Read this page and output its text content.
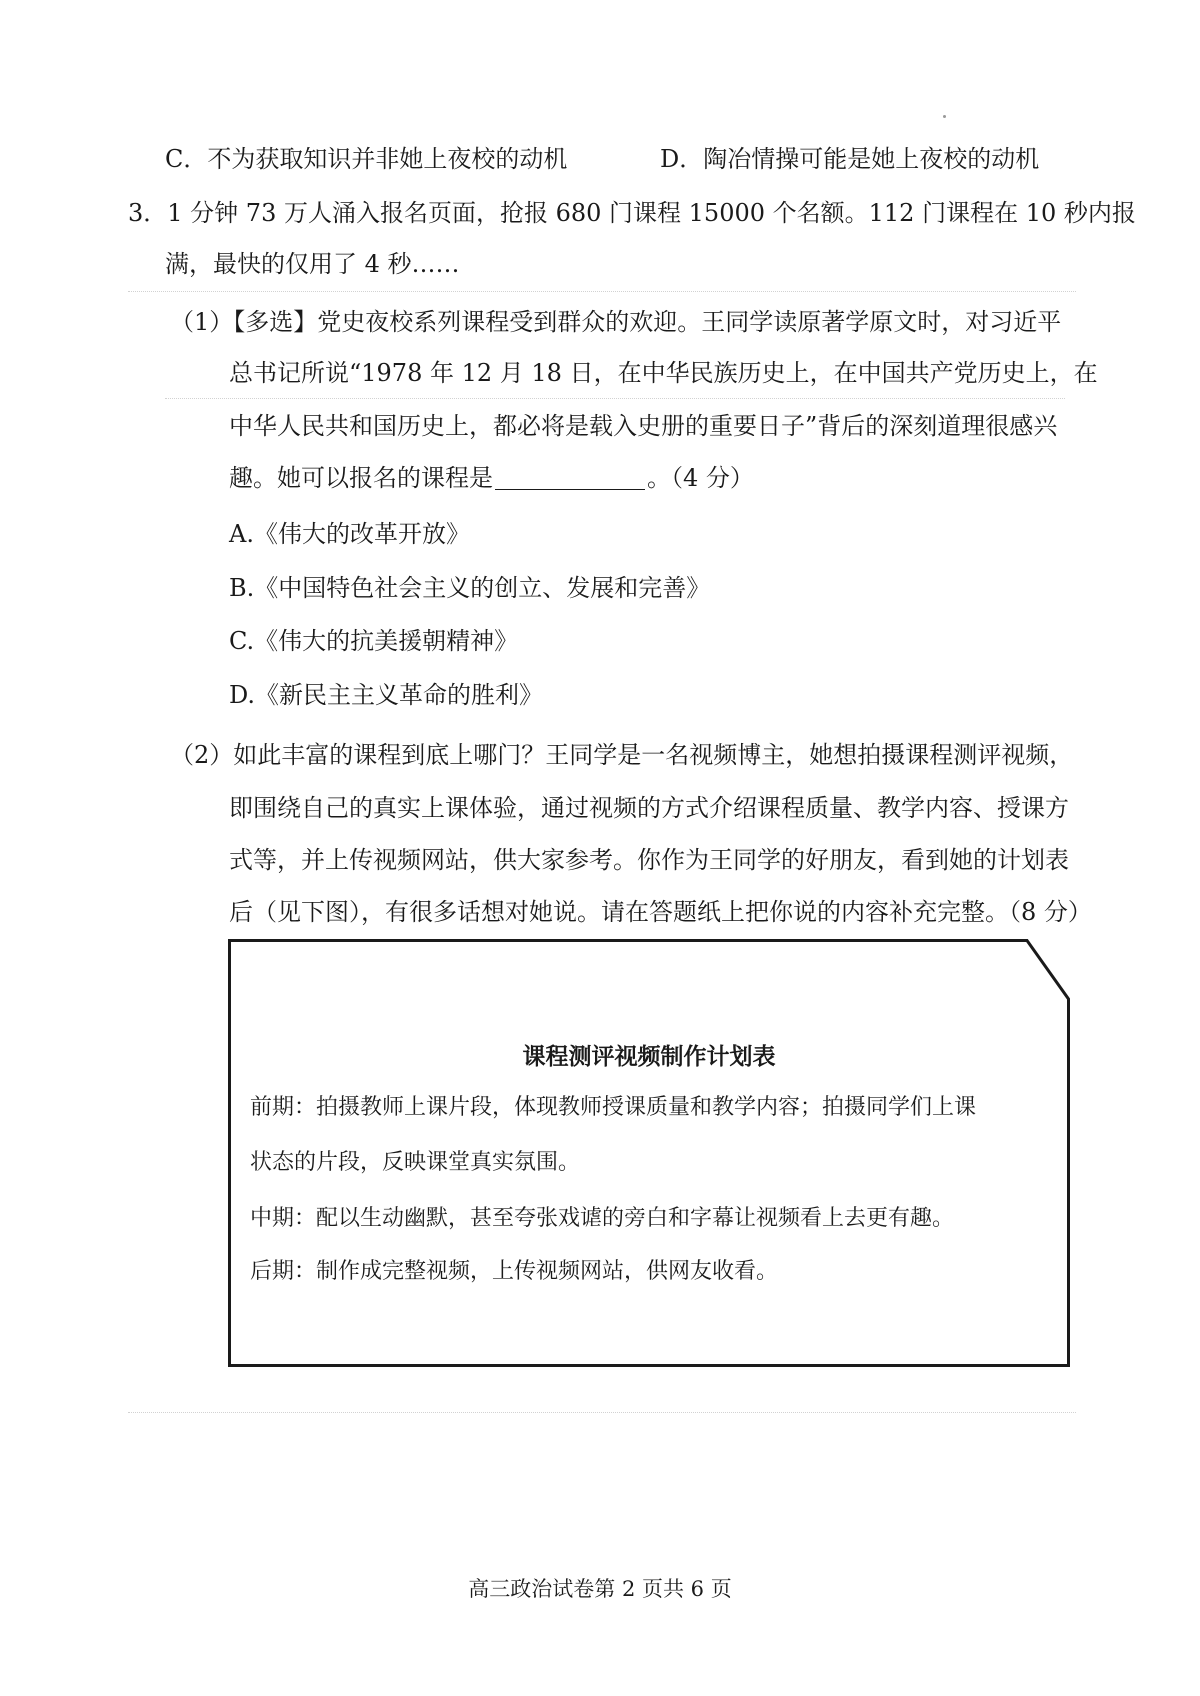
C．不为获取知识并非她上夜校的动机	D．陶冶情操可能是她上夜校的动机
3．1 分钟 73 万人涌入报名页面，抢报 680 门课程 15000 个名额。112 门课程在 10 秒内报
满，最快的仅用了 4 秒……
（1）【多选】党史夜校系列课程受到群众的欢迎。王同学读原著学原文时，对习近平
总书记所说“1978 年 12 月 18 日，在中华民族历史上，在中国共产党历史上，在
中华人民共和国历史上，都必将是载入史册的重要日子”背后的深刻道理很感兴
趣。她可以报名的课程是	。（4 分）
A.《伟大的改革开放》
B.《中国特色社会主义的创立、发展和完善》
C.《伟大的抗美援朝精神》
D.《新民主主义革命的胜利》
（2）如此丰富的课程到底上哪门？王同学是一名视频博主，她想拍摄课程测评视频，
即围绕自己的真实上课体验，通过视频的方式介绍课程质量、教学内容、授课方
式等，并上传视频网站，供大家参考。你作为王同学的好朋友，看到她的计划表
后（见下图），有很多话想对她说。请在答题纸上把你说的内容补充完整。（8 分）
课程测评视频制作计划表
前期：拍摄教师上课片段，体现教师授课质量和教学内容；拍摄同学们上课
状态的片段，反映课堂真实氛围。
中期：配以生动幽默，甚至夸张戏谑的旁白和字幕让视频看上去更有趣。
后期：制作成完整视频，上传视频网站，供网友收看。
高三政治试卷第 2 页共 6 页
